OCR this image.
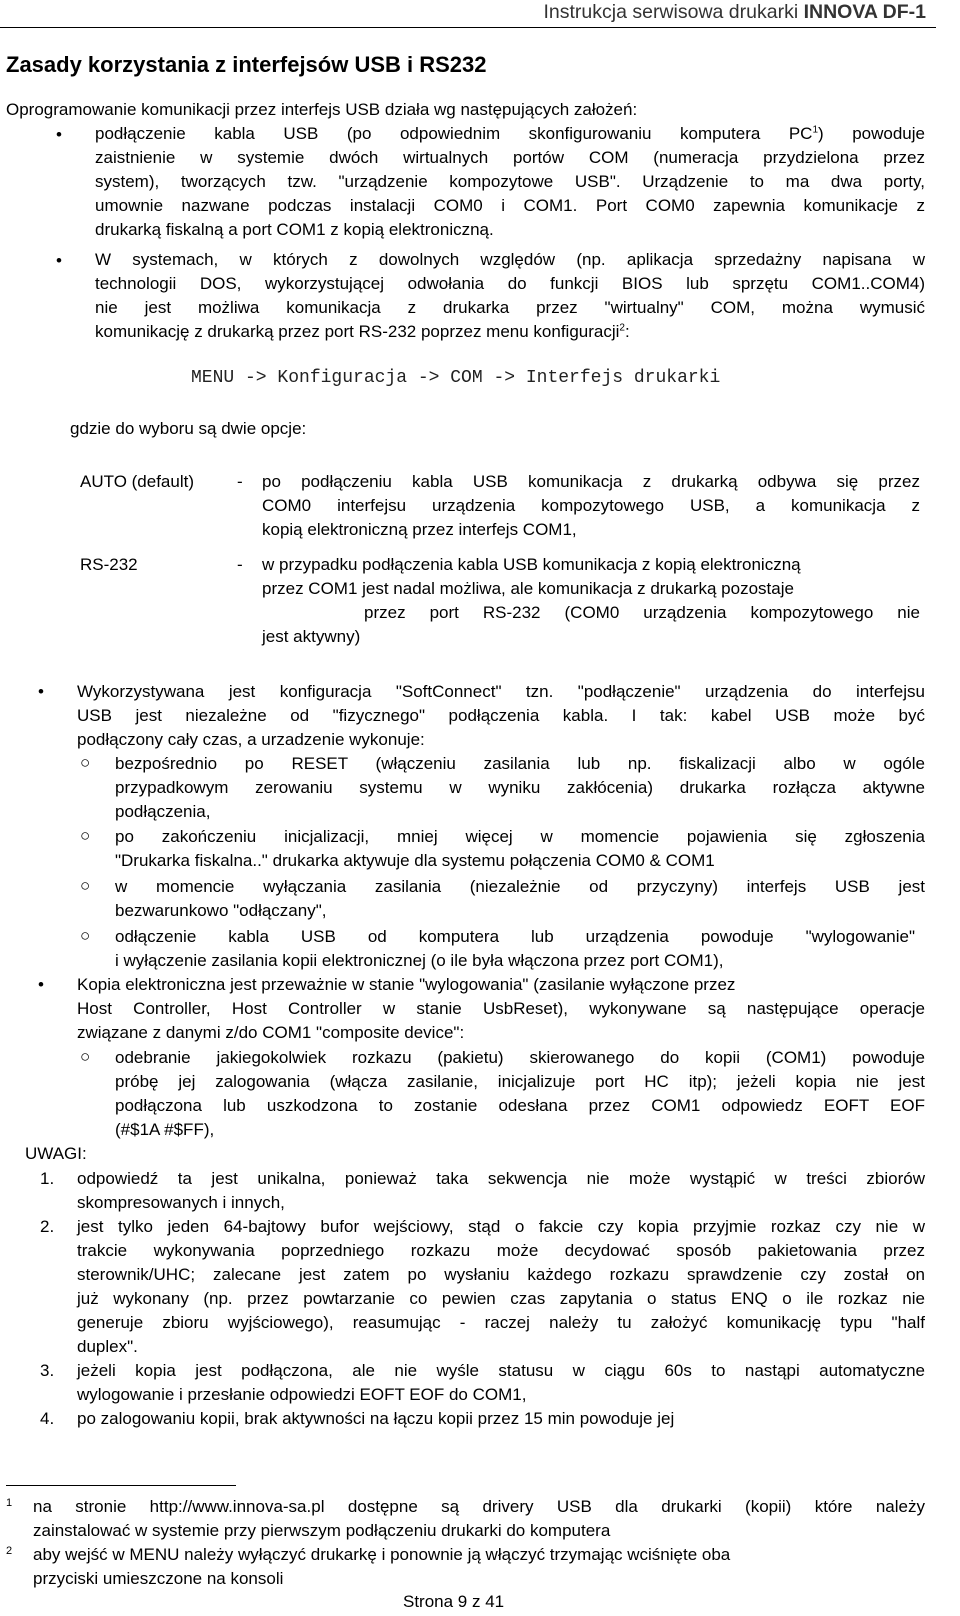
Instrukcja serwisowa drukarki INNOVA DF-1
Zasady korzystania z interfejsów USB i RS232
Oprogramowanie komunikacji przez interfejs USB działa wg następujących założeń:
• podłączenie kabla USB (po odpowiednim skonfigurowaniu komputera $PC^1$) powoduje
zaistnienie w systemie dwóch wirtualnych portów COM (numeracja przydzielona przez
system), tworzących tzw. "urządzenie kompozytowe USB". Urządzenie to ma dwa porty,
umownie nazwane podczas instalacji COM0 i COM1. Port COM0 zapewnia komunikacje z
drukarką fiskalną a port COM1 z kopią elektroniczną.
• W systemach, w których z dowolnych względów (np. aplikacja sprzedażny napisana w
technologii DOS, wykorzystującej odwołania do funkcji BIOS lub sprzętu COM1..COM4)
nie jest możliwa komunikacja z drukarka przez "wirtualny" COM, można wymusić
komunikację z drukarką przez port RS-232 poprzez menu konfiguracji$^2$:
MENU -> Konfiguracja -> COM -> Interfejs drukarki
gdzie do wyboru są dwie opcje:
AUTO (default)	- po podłączeniu kabla USB komunikacja z drukarką odbywa się przez
COM0 interfejsu urządzenia kompozytowego USB, a komunikacja z
kopią elektroniczną przez interfejs COM1,
RS-232	- w przypadku podłączenia kabla USB komunikacja z kopią elektroniczną
przez COM1 jest nadal możliwa, ale komunikacja z drukarką pozostaje
przez port RS-232 (COM0 urządzenia kompozytowego nie
jest aktywny)
• Wykorzystywana jest konfiguracja "SoftConnect" tzn. "podłączenie" urządzenia do interfejsu
USB jest niezależne od "fizycznego" podłączenia kabla. I tak: kabel USB może być
podłączony cały czas, a urzadzenie wykonuje:
○ bezpośrednio po RESET (włączeniu zasilania lub np. fiskalizacji albo w ogóle
przypadkowym zerowaniu systemu w wyniku zakłócenia) drukarka rozłącza aktywne
podłączenia,
○ po zakończeniu inicjalizacji, mniej więcej w momencie pojawienia się zgłoszenia
"Drukarka fiskalna.." drukarka aktywuje dla systemu połączenia COM0 & COM1
○ w momencie wyłączania zasilania (niezależnie od przyczyny) interfejs USB jest
bezwarunkowo "odłączany",
○ odłączenie kabla USB od komputera lub urządzenia powoduje "wylogowanie"
i wyłączenie zasilania kopii elektronicznej (o ile była włączona przez port COM1),
• Kopia elektroniczna jest przeważnie w stanie "wylogowania" (zasilanie wyłączone przez
Host Controller, Host Controller w stanie UsbReset), wykonywane są następujące operacje
związane z danymi z/do COM1 "composite device":
○ odebranie jakiegokolwiek rozkazu (pakietu) skierowanego do kopii (COM1) powoduje
próbę jej zalogowania (włącza zasilanie, inicjalizuje port HC itp); jeżeli kopia nie jest
podłączona lub uszkodzona to zostanie odesłana przez COM1 odpowiedz EOFT EOF
(#$1A #$FF),
UWAGI:
1. odpowiedź ta jest unikalna, ponieważ taka sekwencja nie może wystąpić w treści zbiorów
skompresowanych i innych,
2. jest tylko jeden 64-bajtowy bufor wejściowy, stąd o fakcie czy kopia przyjmie rozkaz czy nie w
trakcie wykonywania poprzedniego rozkazu może decydować sposób pakietowania przez
sterownik/UHC; zalecane jest zatem po wysłaniu każdego rozkazu sprawdzenie czy został on
już wykonany (np. przez powtarzanie co pewien czas zapytania o status ENQ o ile rozkaz nie
generuje zbioru wyjściowego), reasumując - raczej należy tu założyć komunikację typu "half
duplex".
3. jeżeli kopia jest podłączona, ale nie wyśle statusu w ciągu 60s to nastąpi automatyczne
wylogowanie i przesłanie odpowiedzi EOFT EOF do COM1,
4. po zalogowaniu kopii, brak aktywności na łączu kopii przez 15 min powoduje jej
1 na stronie http://www.innova-sa.pl dostępne są drivery USB dla drukarki (kopii) które należy
zainstalować w systemie przy pierwszym podłączeniu drukarki do komputera
2 aby wejść w MENU należy wyłączyć drukarkę i ponownie ją włączyć trzymając wciśnięte oba
przyciski umieszczone na konsoli
Strona 9 z 41
